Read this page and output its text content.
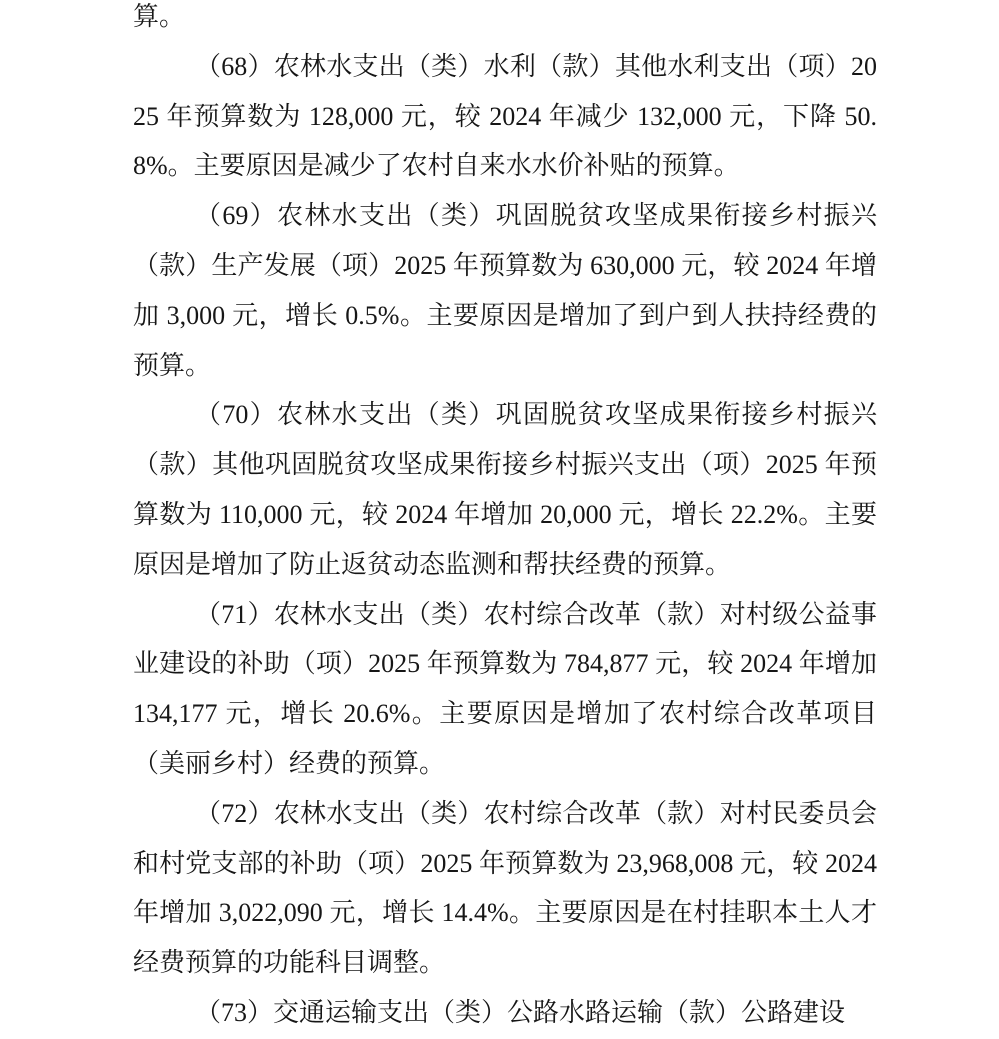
算。

（68）农林水支出（类）水利（款）其他水利支出（项）2025 年预算数为 128,000 元，较 2024 年减少 132,000 元，下降 50.8%。主要原因是减少了农村自来水水价补贴的预算。

（69）农林水支出（类）巩固脱贫攻坚成果衔接乡村振兴（款）生产发展（项）2025 年预算数为 630,000 元，较 2024 年增加 3,000 元，增长 0.5%。主要原因是增加了到户到人扶持经费的预算。

（70）农林水支出（类）巩固脱贫攻坚成果衔接乡村振兴（款）其他巩固脱贫攻坚成果衔接乡村振兴支出（项）2025 年预算数为 110,000 元，较 2024 年增加 20,000 元，增长 22.2%。主要原因是增加了防止返贫动态监测和帮扶经费的预算。

（71）农林水支出（类）农村综合改革（款）对村级公益事业建设的补助（项）2025 年预算数为 784,877 元，较 2024 年增加 134,177 元，增长 20.6%。主要原因是增加了农村综合改革项目（美丽乡村）经费的预算。

（72）农林水支出（类）农村综合改革（款）对村民委员会和村党支部的补助（项）2025 年预算数为 23,968,008 元，较 2024 年增加 3,022,090 元，增长 14.4%。主要原因是在村挂职本土人才经费预算的功能科目调整。

（73）交通运输支出（类）公路水路运输（款）公路建设
